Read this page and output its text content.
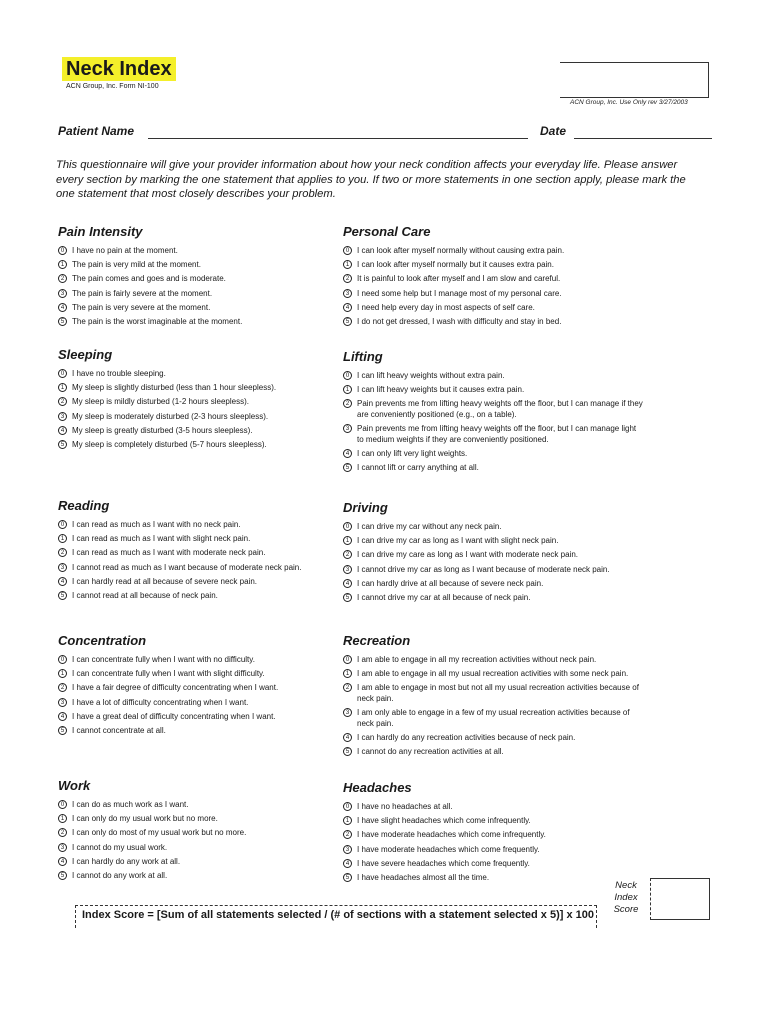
Neck Index
ACN Group, Inc. Form NI-100
ACN Group, Inc. Use Only rev 3/27/2003
Patient Name	Date
This questionnaire will give your provider information about how your neck condition affects your everyday life. Please answer every section by marking the one statement that applies to you. If two or more statements in one section apply, please mark the one statement that most closely describes your problem.
Pain Intensity
0 I have no pain at the moment.
1 The pain is very mild at the moment.
2 The pain comes and goes and is moderate.
3 The pain is fairly severe at the moment.
4 The pain is very severe at the moment.
5 The pain is the worst imaginable at the moment.
Personal Care
0 I can look after myself normally without causing extra pain.
1 I can look after myself normally but it causes extra pain.
2 It is painful to look after myself and I am slow and careful.
3 I need some help but I manage most of my personal care.
4 I need help every day in most aspects of self care.
5 I do not get dressed, I wash with difficulty and stay in bed.
Sleeping
0 I have no trouble sleeping.
1 My sleep is slightly disturbed (less than 1 hour sleepless).
2 My sleep is mildly disturbed (1-2 hours sleepless).
3 My sleep is moderately disturbed (2-3 hours sleepless).
4 My sleep is greatly disturbed (3-5 hours sleepless).
5 My sleep is completely disturbed (5-7 hours sleepless).
Lifting
0 I can lift heavy weights without extra pain.
1 I can lift heavy weights but it causes extra pain.
2 Pain prevents me from lifting heavy weights off the floor, but I can manage if they are conveniently positioned (e.g., on a table).
3 Pain prevents me from lifting heavy weights off the floor, but I can manage light to medium weights if they are conveniently positioned.
4 I can only lift very light weights.
5 I cannot lift or carry anything at all.
Reading
0 I can read as much as I want with no neck pain.
1 I can read as much as I want with slight neck pain.
2 I can read as much as I want with moderate neck pain.
3 I cannot read as much as I want because of moderate neck pain.
4 I can hardly read at all because of severe neck pain.
5 I cannot read at all because of neck pain.
Driving
0 I can drive my car without any neck pain.
1 I can drive my car as long as I want with slight neck pain.
2 I can drive my care as long as I want with moderate neck pain.
3 I cannot drive my car as long as I want because of moderate neck pain.
4 I can hardly drive at all because of severe neck pain.
5 I cannot drive my car at all because of neck pain.
Concentration
0 I can concentrate fully when I want with no difficulty.
1 I can concentrate fully when I want with slight difficulty.
2 I have a fair degree of difficulty concentrating when I want.
3 I have a lot of difficulty concentrating when I want.
4 I have a great deal of difficulty concentrating when I want.
5 I cannot concentrate at all.
Recreation
0 I am able to engage in all my recreation activities without neck pain.
1 I am able to engage in all my usual recreation activities with some neck pain.
2 I am able to engage in most but not all my usual recreation activities because of neck pain.
3 I am only able to engage in a few of my usual recreation activities because of neck pain.
4 I can hardly do any recreation activities because of neck pain.
5 I cannot do any recreation activities at all.
Work
0 I can do as much work as I want.
1 I can only do my usual work but no more.
2 I can only do most of my usual work but no more.
3 I cannot do my usual work.
4 I can hardly do any work at all.
5 I cannot do any work at all.
Headaches
0 I have no headaches at all.
1 I have slight headaches which come infrequently.
2 I have moderate headaches which come infrequently.
3 I have moderate headaches which come frequently.
4 I have severe headaches which come frequently.
5 I have headaches almost all the time.
Index Score = [Sum of all statements selected / (# of sections with a statement selected x 5)] x 100
Neck Index Score
